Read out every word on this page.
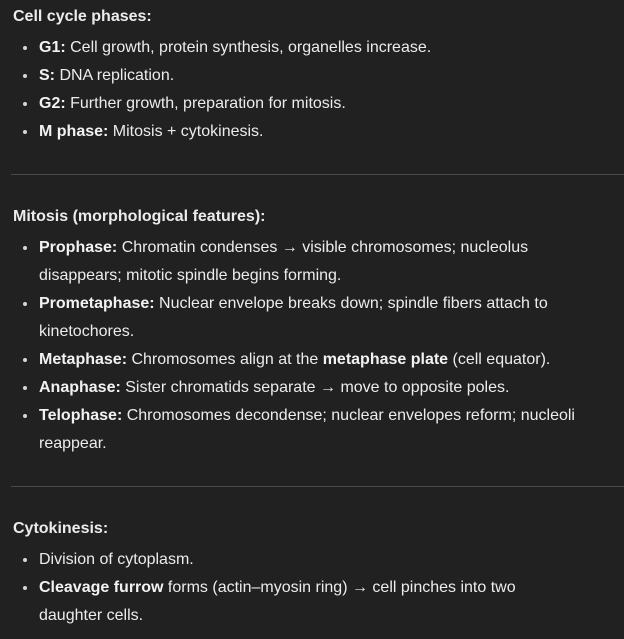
Cell cycle phases:

G1: Cell growth, protein synthesis, organelles increase.
S: DNA replication.
G2: Further growth, preparation for mitosis.
M phase: Mitosis + cytokinesis.

Mitosis (morphological features):

Prophase: Chromatin condenses → visible chromosomes; nucleolus
disappears; mitotic spindle begins forming.
Prometaphase: Nuclear envelope breaks down; spindle fibers attach to
kinetochores.
Metaphase: Chromosomes align at the metaphase plate (cell equator).
Anaphase: Sister chromatids separate → move to opposite poles.
Telophase: Chromosomes decondense; nuclear envelopes reform; nucleoli
reappear.

Cytokinesis:

Division of cytoplasm.
Cleavage furrow forms (actin–myosin ring) → cell pinches into two
daughter cells.
